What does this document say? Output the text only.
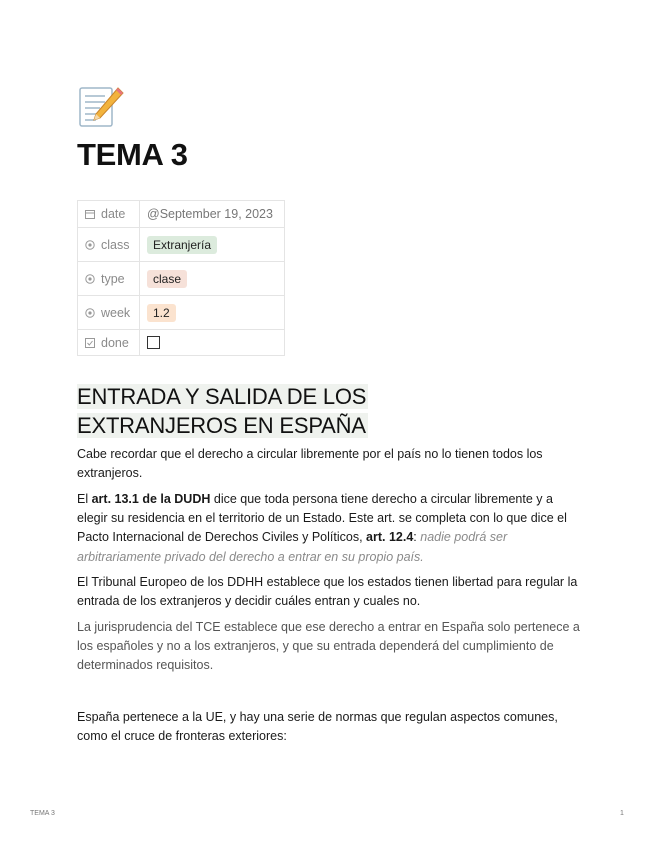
TEMA 3
date	@September 19, 2023
class	Extranjería
type	clase
week	1.2
done	
ENTRADA Y SALIDA DE LOS
EXTRANJEROS EN ESPAÑA

Cabe recordar que el derecho a circular libremente por el país no lo tienen todos los extranjeros.

El art. 13.1 de la DUDH dice que toda persona tiene derecho a circular libremente y a elegir su residencia en el territorio de un Estado. Este art. se completa con lo que dice el Pacto Internacional de Derechos Civiles y Políticos, art. 12.4: nadie podrá ser arbitrariamente privado del derecho a entrar en su propio país.

El Tribunal Europeo de los DDHH establece que los estados tienen libertad para regular la entrada de los extranjeros y decidir cuáles entran y cuales no.

La jurisprudencia del TCE establece que ese derecho a entrar en España solo pertenece a los españoles y no a los extranjeros, y que su entrada dependerá del cumplimiento de determinados requisitos.

España pertenece a la UE, y hay una serie de normas que regulan aspectos comunes, como el cruce de fronteras exteriores:

TEMA 3	1
